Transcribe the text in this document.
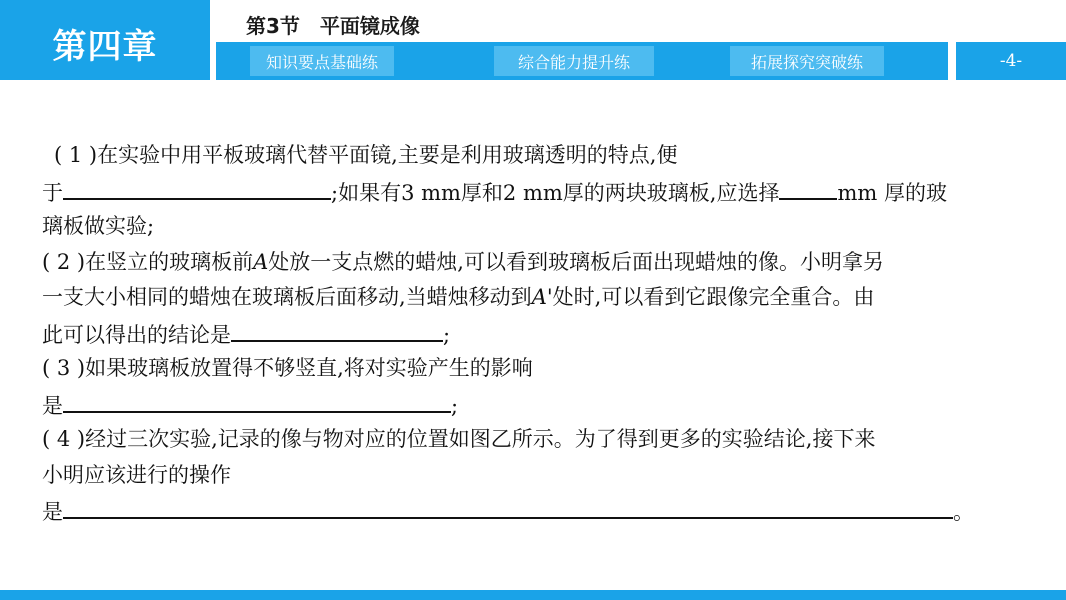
第四章
第3节　平面镜成像
知识要点基础练	综合能力提升练	拓展探究突破练	-4-
( 1 )在实验中用平板玻璃代替平面镜,主要是利用玻璃透明的特点,便
于	;如果有3 mm厚和2 mm厚的两块玻璃板,应选择	mm 厚的玻
璃板做实验;
( 2 )在竖立的玻璃板前A处放一支点燃的蜡烛,可以看到玻璃板后面出现蜡烛的像。小明拿另
一支大小相同的蜡烛在玻璃板后面移动,当蜡烛移动到A'处时,可以看到它跟像完全重合。由
此可以得出的结论是	;
( 3 )如果玻璃板放置得不够竖直,将对实验产生的影响
是	;
( 4 )经过三次实验,记录的像与物对应的位置如图乙所示。为了得到更多的实验结论,接下来
小明应该进行的操作
是	。
